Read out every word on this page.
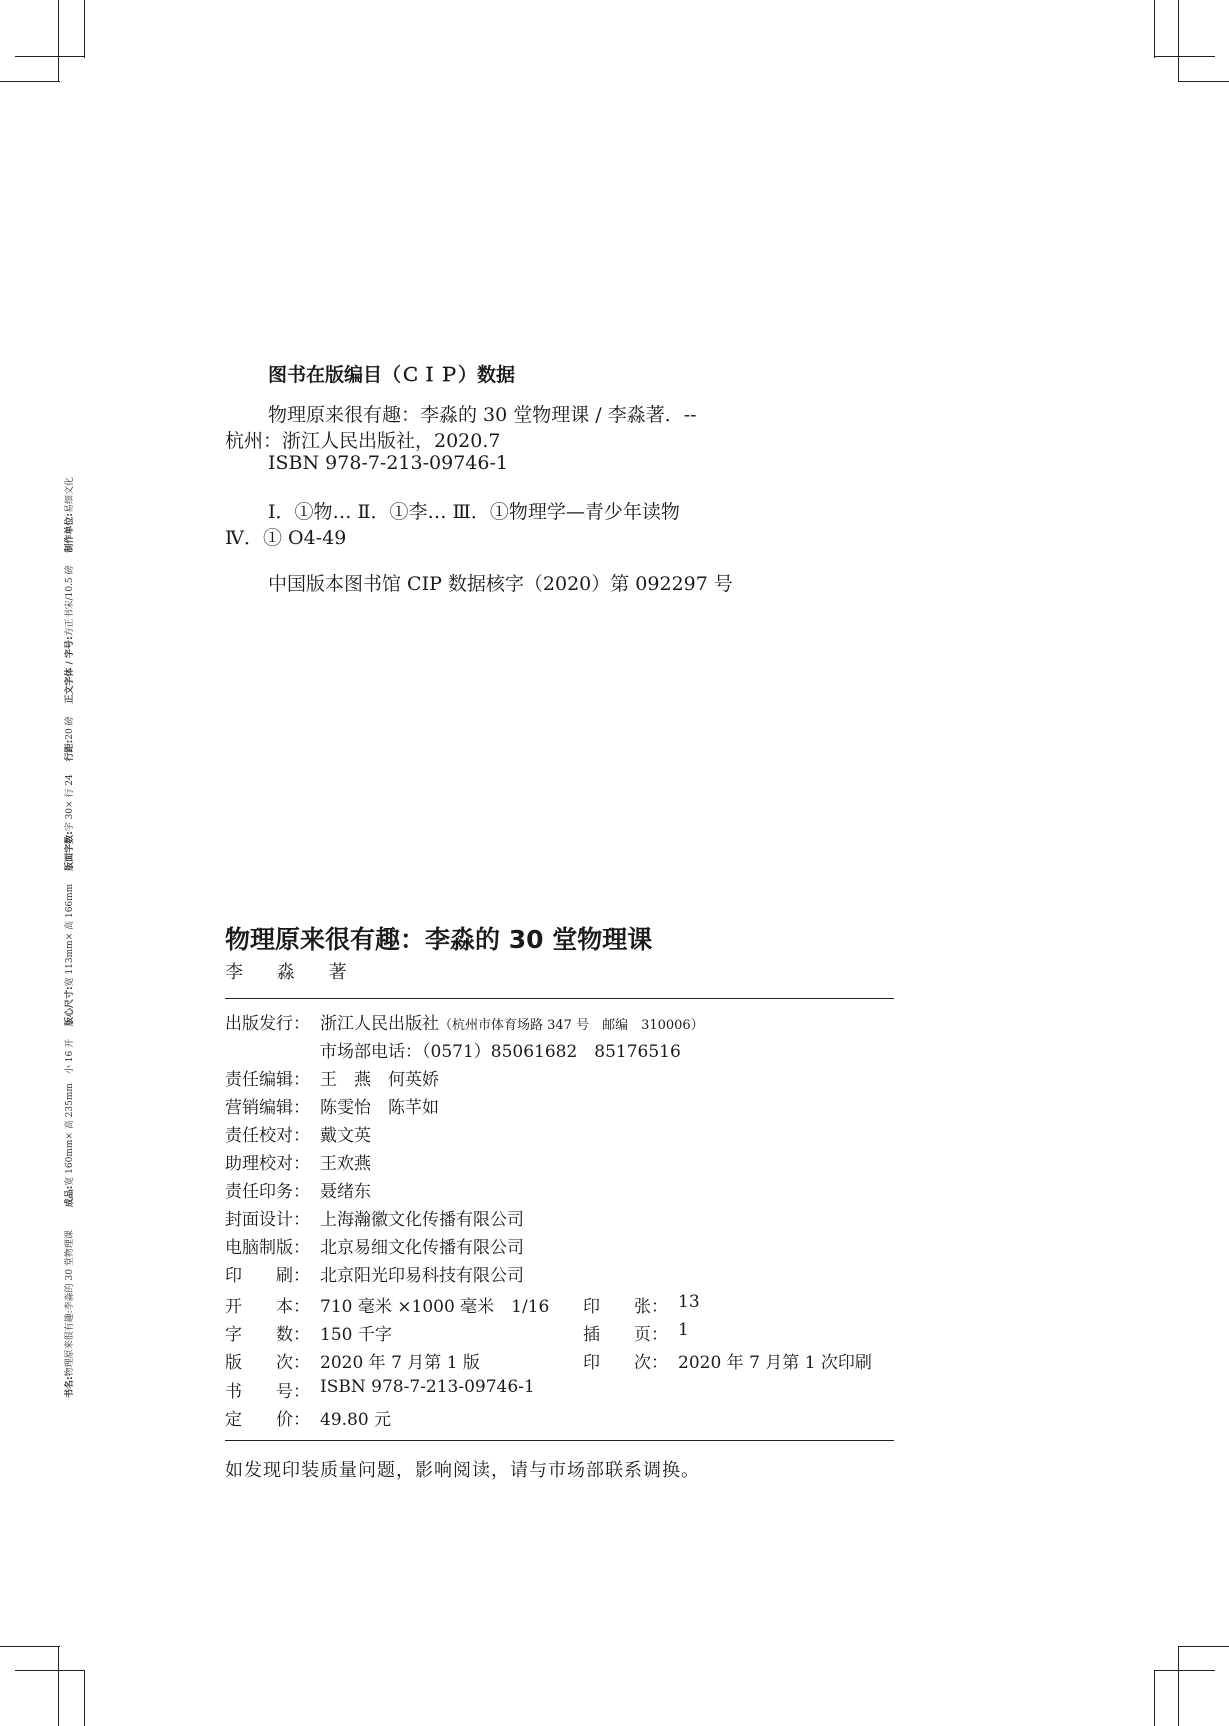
书名:物理原来很有趣:李淼的 30 堂物理课 成品:宽 160mm× 高 235mm　小 16 开 版心尺寸:宽 113mm× 高 166mm 版面字数:字 30× 行 24 行距:20 磅 正文字体 / 字号:方正书宋/10.5 磅 制作单位:易细文化
图书在版编目（ＣＩＰ）数据
物理原来很有趣：李淼的 30 堂物理课 / 李淼著．--
杭州：浙江人民出版社，2020.7
ISBN 978-7-213-09746-1
Ⅰ．①物… Ⅱ．①李… Ⅲ．①物理学—青少年读物
Ⅳ．① O4-49
中国版本图书馆 CIP 数据核字（2020）第 092297 号
物理原来很有趣：李淼的 30 堂物理课
李 淼 著
出版发行： 浙江人民出版社（杭州市体育场路 347 号　邮编　310006）
市场部电话：（0571）85061682　85176516
责任编辑： 王　燕　何英娇
营销编辑： 陈雯怡　陈芊如
责任校对： 戴文英
助理校对： 王欢燕
责任印务： 聂绪东
封面设计： 上海瀚徽文化传播有限公司
电脑制版： 北京易细文化传播有限公司
印　　刷： 北京阳光印易科技有限公司
开　　本： 710 毫米 ×1000 毫米　1/16 印　　张： 13
字　　数： 150 千字	插　　页： 1
版　　次： 2020 年 7 月第 1 版	印　　次： 2020 年 7 月第 1 次印刷
书　　号： ISBN 978-7-213-09746-1
定　　价： 49.80 元
如发现印装质量问题，影响阅读，请与市场部联系调换。
